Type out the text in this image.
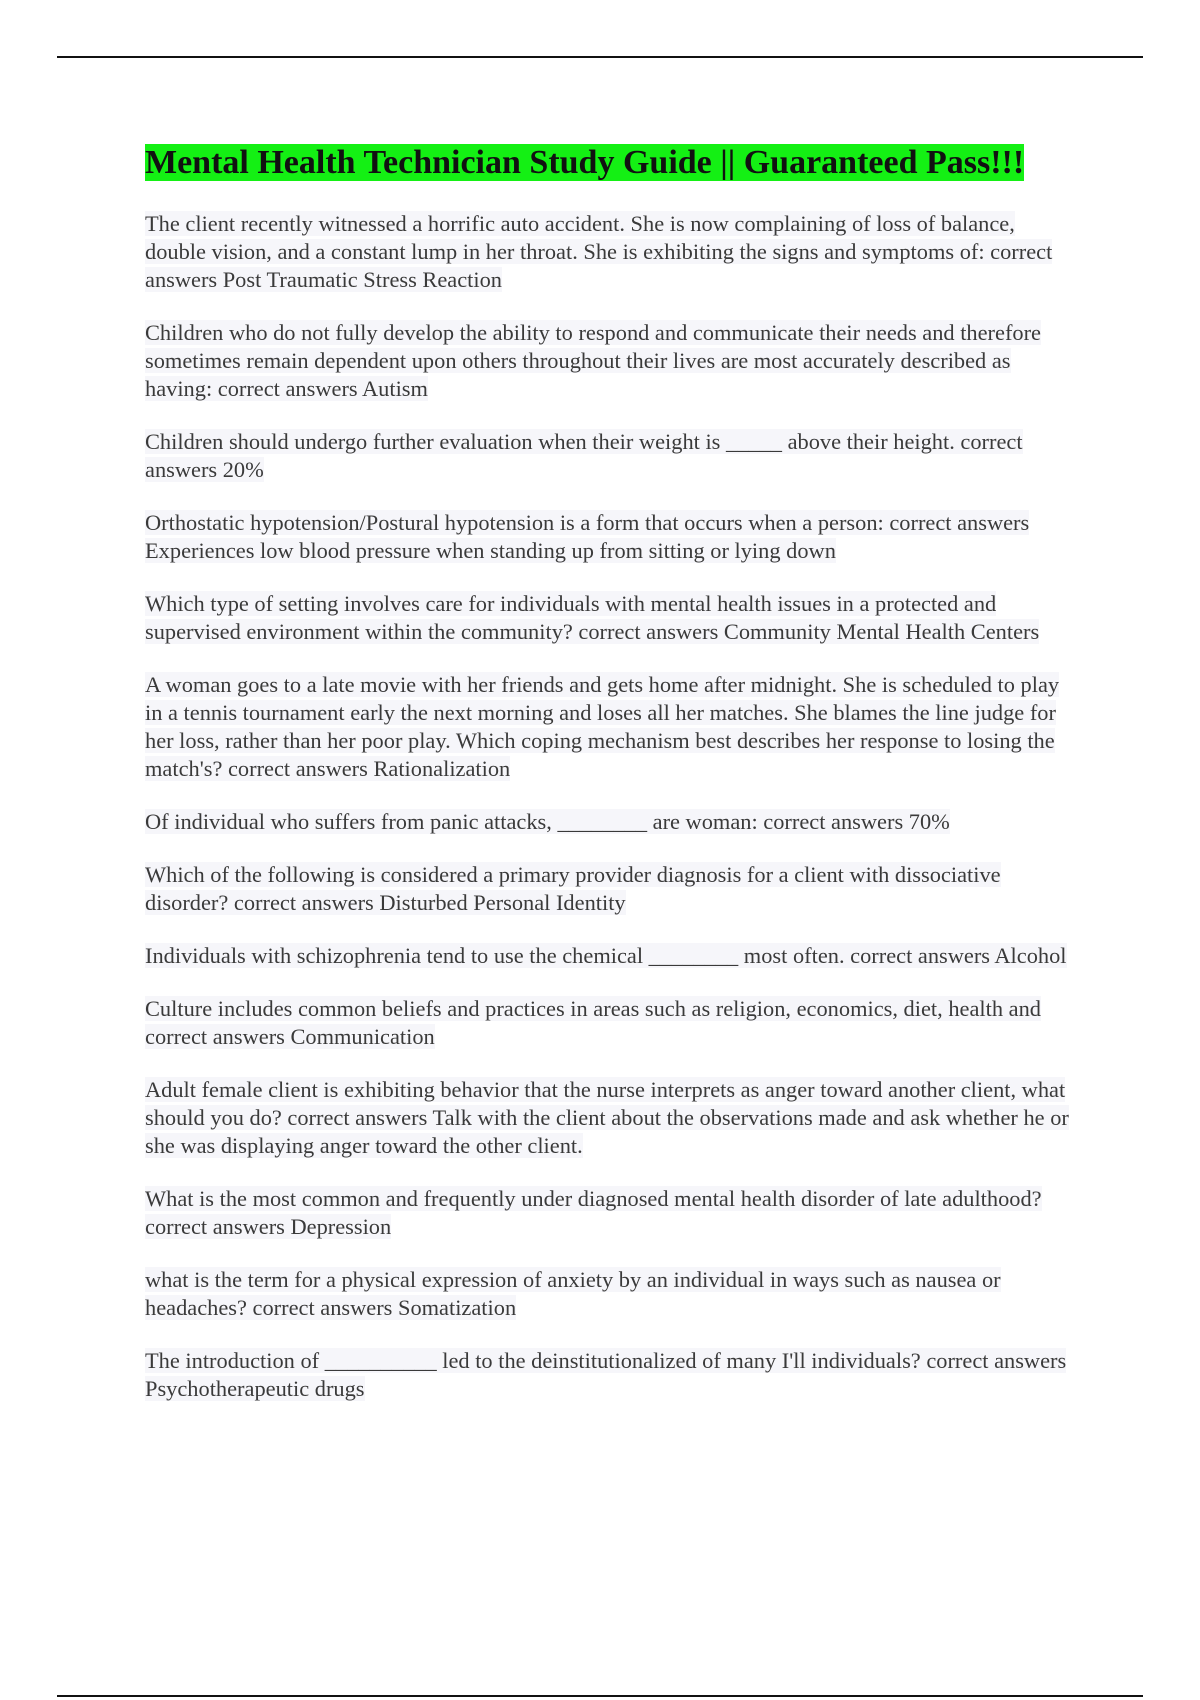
Mental Health Technician Study Guide || Guaranteed Pass!!!

The client recently witnessed a horrific auto accident. She is now complaining of loss of balance, double vision, and a constant lump in her throat. She is exhibiting the signs and symptoms of: correct answers Post Traumatic Stress Reaction

Children who do not fully develop the ability to respond and communicate their needs and therefore sometimes remain dependent upon others throughout their lives are most accurately described as having: correct answers Autism

Children should undergo further evaluation when their weight is _____ above their height. correct answers 20%

Orthostatic hypotension/Postural hypotension is a form that occurs when a person: correct answers Experiences low blood pressure when standing up from sitting or lying down

Which type of setting involves care for individuals with mental health issues in a protected and supervised environment within the community? correct answers Community Mental Health Centers

A woman goes to a late movie with her friends and gets home after midnight. She is scheduled to play in a tennis tournament early the next morning and loses all her matches. She blames the line judge for her loss, rather than her poor play. Which coping mechanism best describes her response to losing the match's? correct answers Rationalization

Of individual who suffers from panic attacks, ________ are woman: correct answers 70%

Which of the following is considered a primary provider diagnosis for a client with dissociative disorder? correct answers Disturbed Personal Identity

Individuals with schizophrenia tend to use the chemical ________ most often. correct answers Alcohol

Culture includes common beliefs and practices in areas such as religion, economics, diet, health and correct answers Communication

Adult female client is exhibiting behavior that the nurse interprets as anger toward another client, what should you do? correct answers Talk with the client about the observations made and ask whether he or she was displaying anger toward the other client.

What is the most common and frequently under diagnosed mental health disorder of late adulthood? correct answers Depression

what is the term for a physical expression of anxiety by an individual in ways such as nausea or headaches? correct answers Somatization

The introduction of __________ led to the deinstitutionalized of many I'll individuals? correct answers Psychotherapeutic drugs
